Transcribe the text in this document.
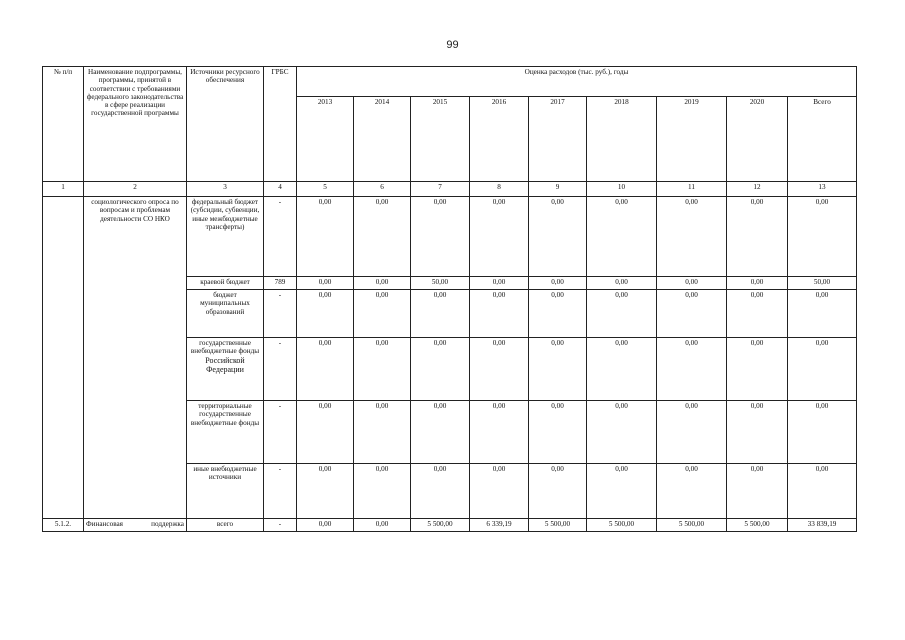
99
№ п/п	Наименование подпрограммы, программы, принятой в соответствии с требованиями федерального законодательства в сфере реализации государственной программы	Источники ресурсного обеспечения	ГРБС	Оценка расходов (тыс. руб.), годы								
				2013	2014	2015	2016	2017	2018	2019	2020	Всего
1	2	3	4	5	6	7	8	9	10	11	12	13
	социологического опроса по вопросам и проблемам деятельности СО НКО	федеральный бюджет (субсидии, субвенции, иные межбюджетные трансферты)	-	0,00	0,00	0,00	0,00	0,00	0,00	0,00	0,00	0,00
		краевой бюджет	789	0,00	0,00	50,00	0,00	0,00	0,00	0,00	0,00	50,00
		бюджет муниципальных образований	-	0,00	0,00	0,00	0,00	0,00	0,00	0,00	0,00	0,00
		государственные внебюджетные фонды
Российской Федерации	-	0,00	0,00	0,00	0,00	0,00	0,00	0,00	0,00	0,00
		территориальные государственные внебюджетные фонды	-	0,00	0,00	0,00	0,00	0,00	0,00	0,00	0,00	0,00
		иные внебюджетные источники	-	0,00	0,00	0,00	0,00	0,00	0,00	0,00	0,00	0,00
5.1.2.	Финансовая поддержка	всего	-	0,00	0,00	5 500,00	6 339,19	5 500,00	5 500,00	5 500,00	5 500,00	33 839,19
